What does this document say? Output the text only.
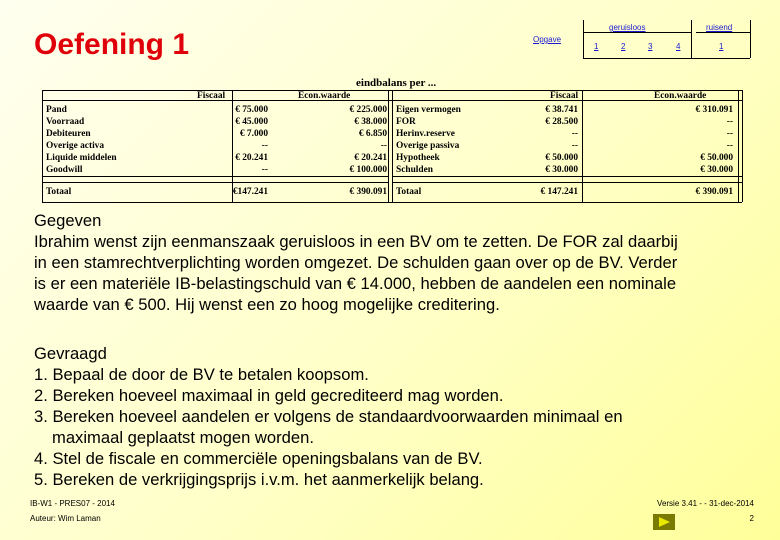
Oefening 1	Opgave
geruisloos	ruisend
1	2	3	4	1
eindbalans per ...
Fiscaal	Econ.waarde	Fiscaal	Econ.waarde
Pand	€ 75.000	€ 225.000 Eigen vermogen	€ 38.741	€ 310.091
Voorraad	€ 45.000	€ 38.000 FOR	€ 28.500	--
Debiteuren	€ 7.000	€ 6.850 Herinv.reserve	--	--
Overige activa	--	-- Overige passiva	--	--
Liquide middelen	€ 20.241	€ 20.241 Hypotheek	€ 50.000	€ 50.000
Goodwill	--	€ 100.000 Schulden	€ 30.000	€ 30.000
Totaal	€147.241	€ 390.091 Totaal	€ 147.241	€ 390.091
Gegeven
Ibrahim wenst zijn eenmanszaak geruisloos in een BV om te zetten. De FOR zal daarbij
in een stamrechtverplichting worden omgezet. De schulden gaan over op de BV. Verder
is er een materiële IB-belastingschuld van € 14.000, hebben de aandelen een nominale
waarde van € 500. Hij wenst een zo hoog mogelijke creditering.
Gevraagd
1. Bepaal de door de BV te betalen koopsom.
2. Bereken hoeveel maximaal in geld gecrediteerd mag worden.
3. Bereken hoeveel aandelen er volgens de standaardvoorwaarden minimaal en
maximaal geplaatst mogen worden.
4. Stel de fiscale en commerciële openingsbalans van de BV.
5. Bereken de verkrijgingsprijs i.v.m. het aanmerkelijk belang.
IB-W1 - PRES07 - 2014
Auteur: Wim Laman
Versie 3.41 - - 31-dec-2014
2
